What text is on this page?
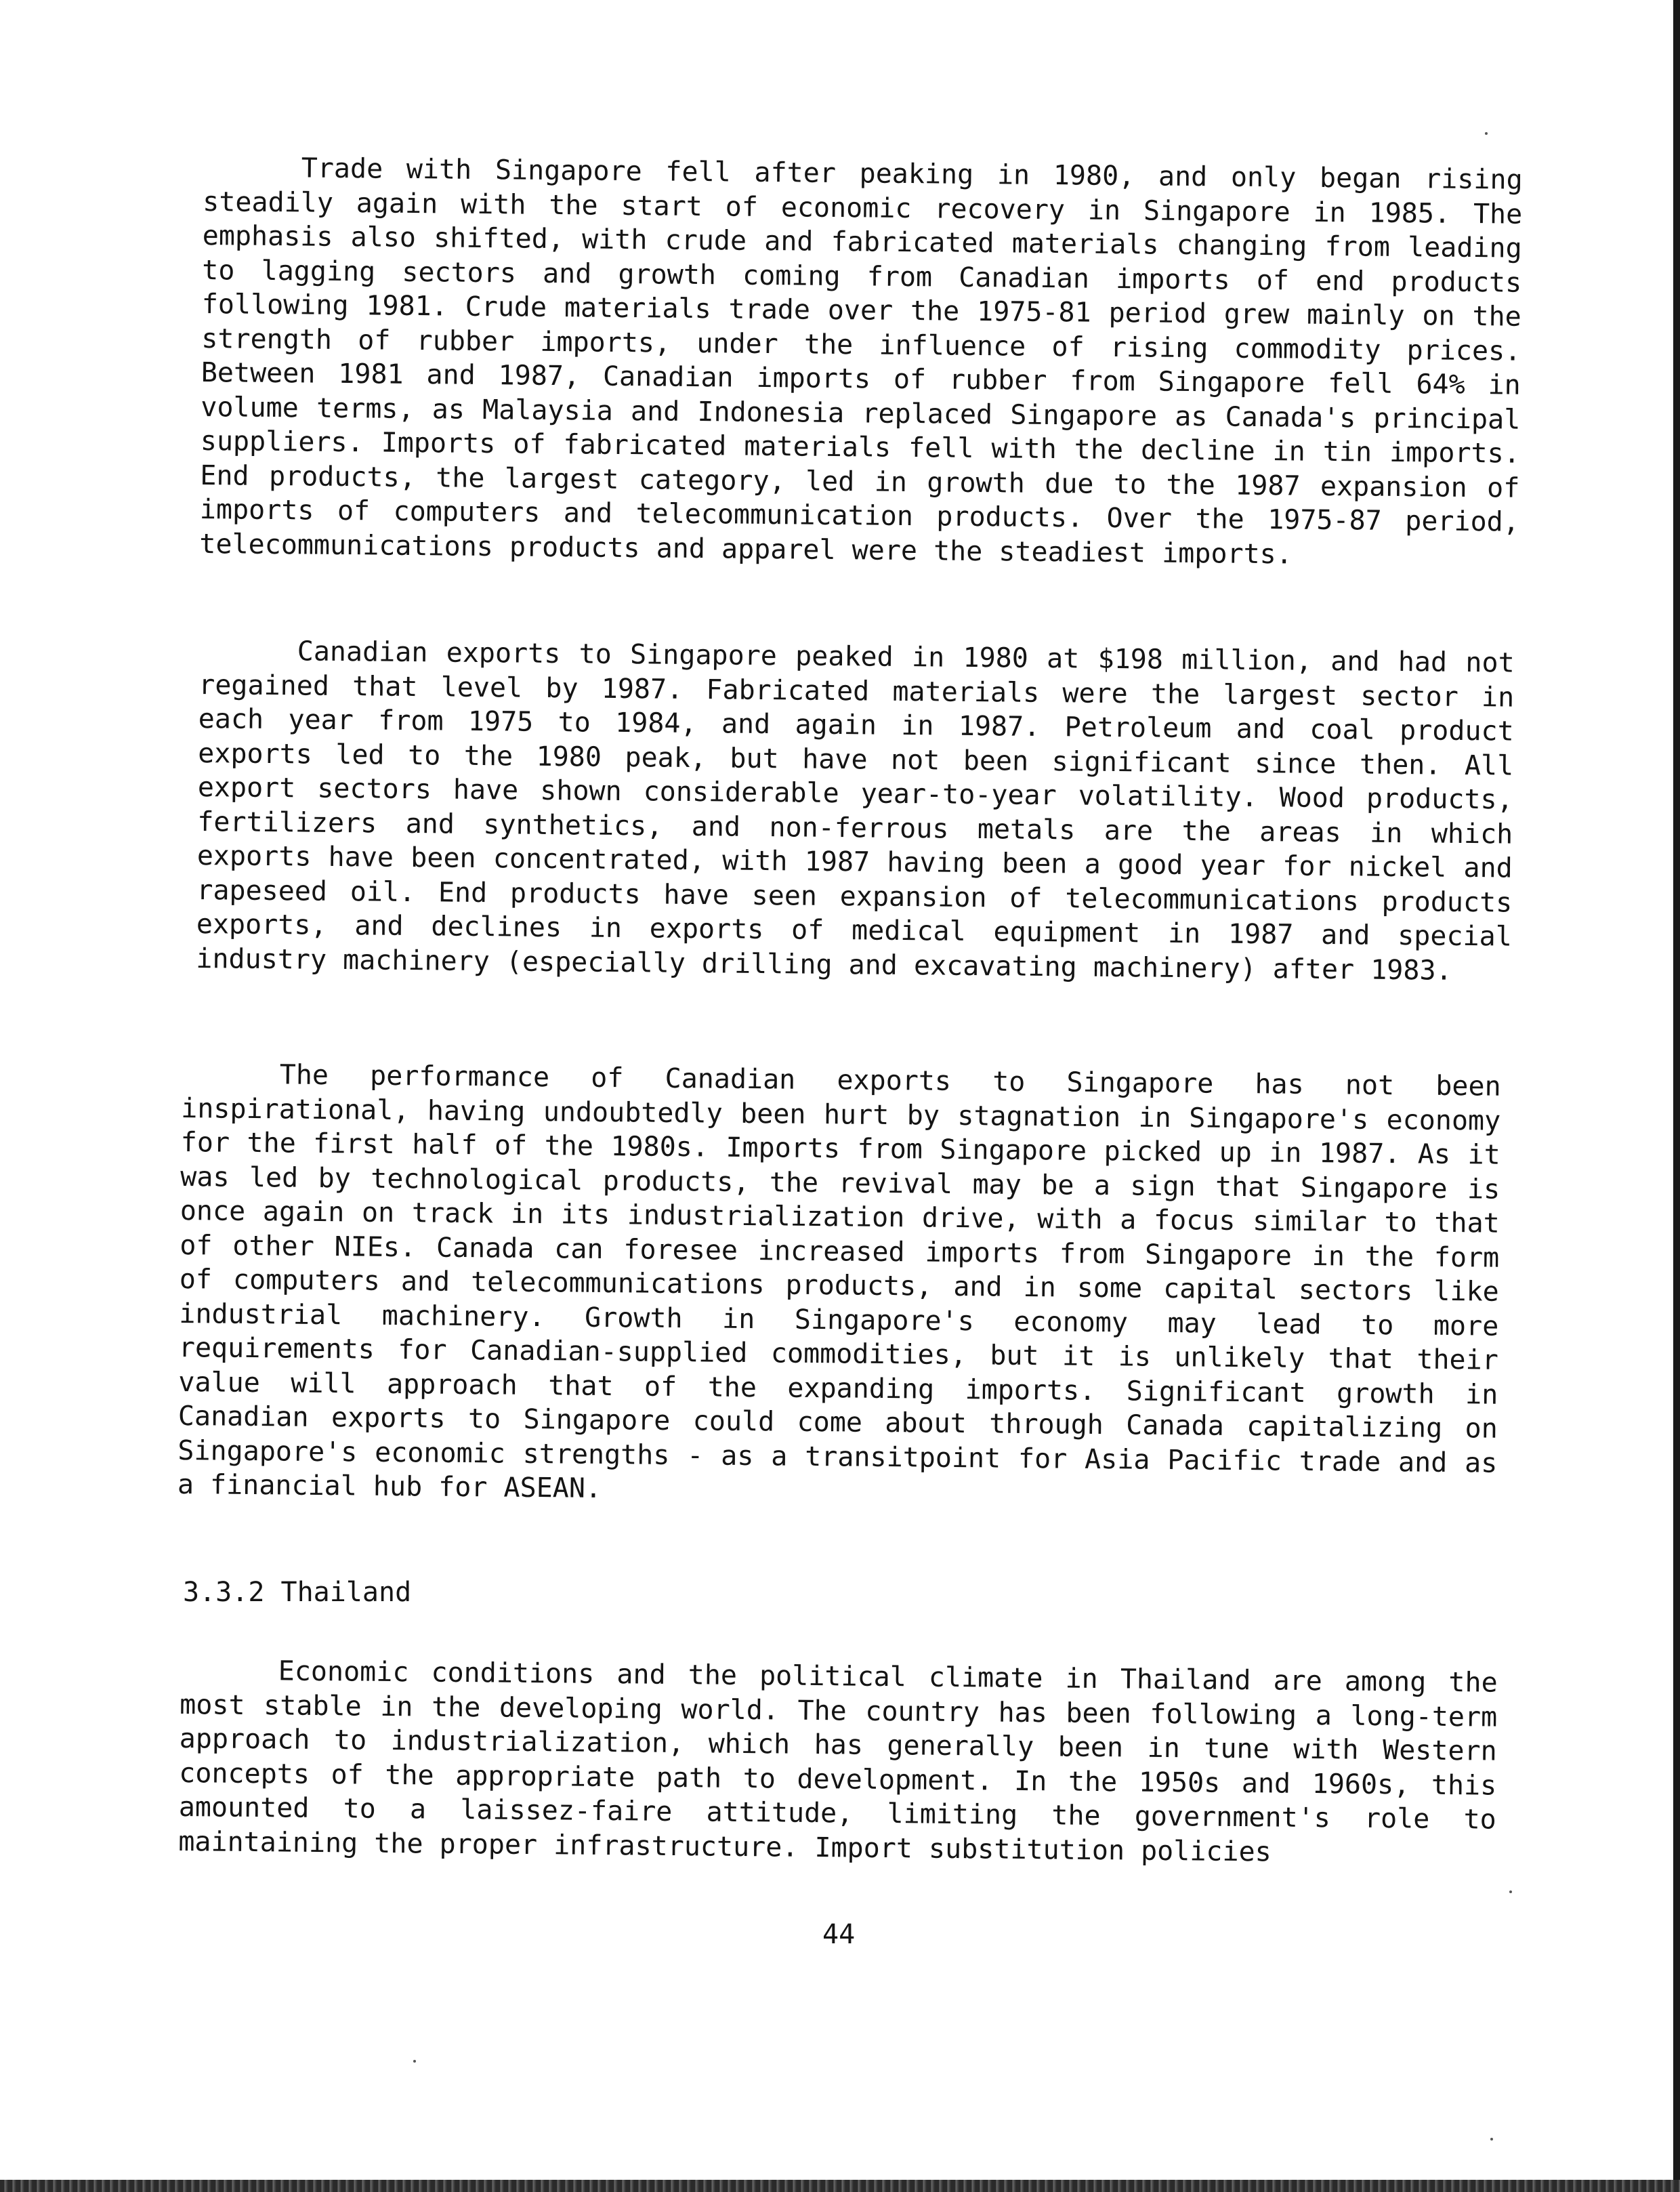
Trade with Singapore fell after peaking in 1980, and only began rising steadily again with the start of economic recovery in Singapore in 1985. The emphasis also shifted, with crude and fabricated materials changing from leading to lagging sectors and growth coming from Canadian imports of end products following 1981. Crude materials trade over the 1975-81 period grew mainly on the strength of rubber imports, under the influence of rising commodity prices. Between 1981 and 1987, Canadian imports of rubber from Singapore fell 64% in volume terms, as Malaysia and Indonesia replaced Singapore as Canada's principal suppliers. Imports of fabricated materials fell with the decline in tin imports. End products, the largest category, led in growth due to the 1987 expansion of imports of computers and telecommunication products. Over the 1975-87 period, telecommunications products and apparel were the steadiest imports.

Canadian exports to Singapore peaked in 1980 at $198 million, and had not regained that level by 1987. Fabricated materials were the largest sector in each year from 1975 to 1984, and again in 1987. Petroleum and coal product exports led to the 1980 peak, but have not been significant since then. All export sectors have shown considerable year-to-year volatility. Wood products, fertilizers and synthetics, and non-ferrous metals are the areas in which exports have been concentrated, with 1987 having been a good year for nickel and rapeseed oil. End products have seen expansion of telecommunications products exports, and declines in exports of medical equipment in 1987 and special industry machinery (especially drilling and excavating machinery) after 1983.

The performance of Canadian exports to Singapore has not been inspirational, having undoubtedly been hurt by stagnation in Singapore's economy for the first half of the 1980s. Imports from Singapore picked up in 1987. As it was led by technological products, the revival may be a sign that Singapore is once again on track in its industrialization drive, with a focus similar to that of other NIEs. Canada can foresee increased imports from Singapore in the form of computers and telecommunications products, and in some capital sectors like industrial machinery. Growth in Singapore's economy may lead to more requirements for Canadian-supplied commodities, but it is unlikely that their value will approach that of the expanding imports. Significant growth in Canadian exports to Singapore could come about through Canada capitalizing on Singapore's economic strengths - as a transitpoint for Asia Pacific trade and as a financial hub for ASEAN.

3.3.2 Thailand

Economic conditions and the political climate in Thailand are among the most stable in the developing world. The country has been following a long-term approach to industrialization, which has generally been in tune with Western concepts of the appropriate path to development. In the 1950s and 1960s, this amounted to a laissez-faire attitude, limiting the government's role to maintaining the proper infrastructure. Import substitution policies

44
